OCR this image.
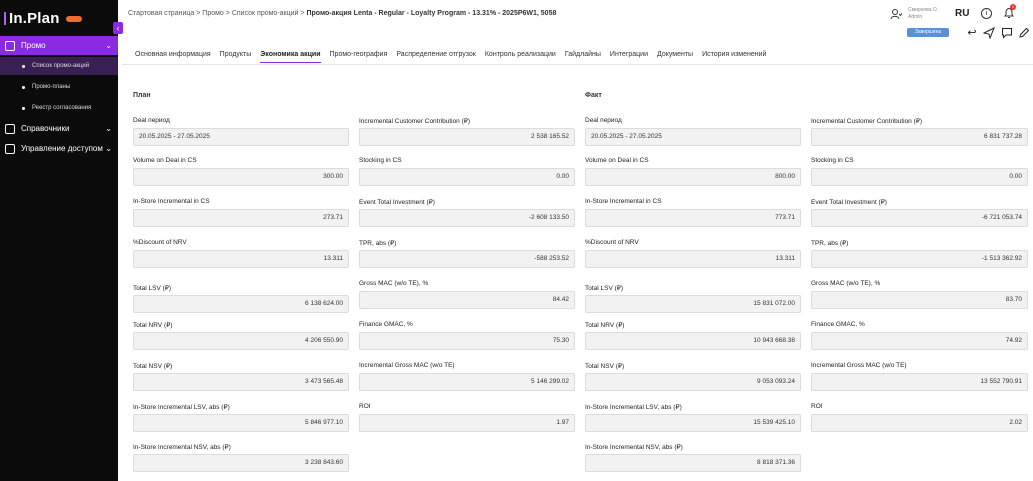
In.Plan
Промо	⌄
Список промо-акций
Промо-планы
Реестр согласования
Справочники	⌄
Управление доступом ⌄
‹
Стартовая страница > Промо > Список промо-акций > Промо-акция Lenta - Regular - Loyalty Program - 13.31% - 2025P6W1, 5058	Смирнова О.
Admin	RU	i
1
Завершена	↩
Основная информация Продукты Экономика акции Промо-география Распределение отгрузок Контроль реализации Гайдлайны Интеграции Документы История изменений
План	Факт
Deal период
20.05.2025 - 27.05.2025
Volume on Deal in CS
300.00
In-Store Incremental in CS
273.71
%Discount of NRV
13.311
Total LSV (₽)
6 138 624.00
Total NRV (₽)
4 206 550.90
Total NSV (₽)
3 473 565.48
In-Store Incremental LSV, abs (₽)
5 846 977.10
In-Store Incremental NSV, abs (₽)
3 238 843.60
Incremental Customer Contribution (₽)
2 538 165.52
Stocking in CS
0.00
Event Total Investment (₽)
-2 608 133.50
TPR, abs (₽)
-588 253.52
Gross MAC (w/o TE), %
84.42
Finance GMAC, %
75.30
Incremental Gross MAC (w/o TE)
5 146 299.02
ROI
1.97
Deal период
20.05.2025 - 27.05.2025
Volume on Deal in CS
800.00
In-Store Incremental in CS
773.71
%Discount of NRV
13.311
Total LSV (₽)
15 831 072.00
Total NRV (₽)
10 943 668.38
Total NSV (₽)
9 053 093.24
In-Store Incremental LSV, abs (₽)
15 539 425.10
In-Store Incremental NSV, abs (₽)
8 818 371.36
Incremental Customer Contribution (₽)
6 831 737.28
Stocking in CS
0.00
Event Total Investment (₽)
-6 721 053.74
TPR, abs (₽)
-1 513 362.92
Gross MAC (w/o TE), %
83.70
Finance GMAC, %
74.92
Incremental Gross MAC (w/o TE)
13 552 790.91
ROI
2.02
